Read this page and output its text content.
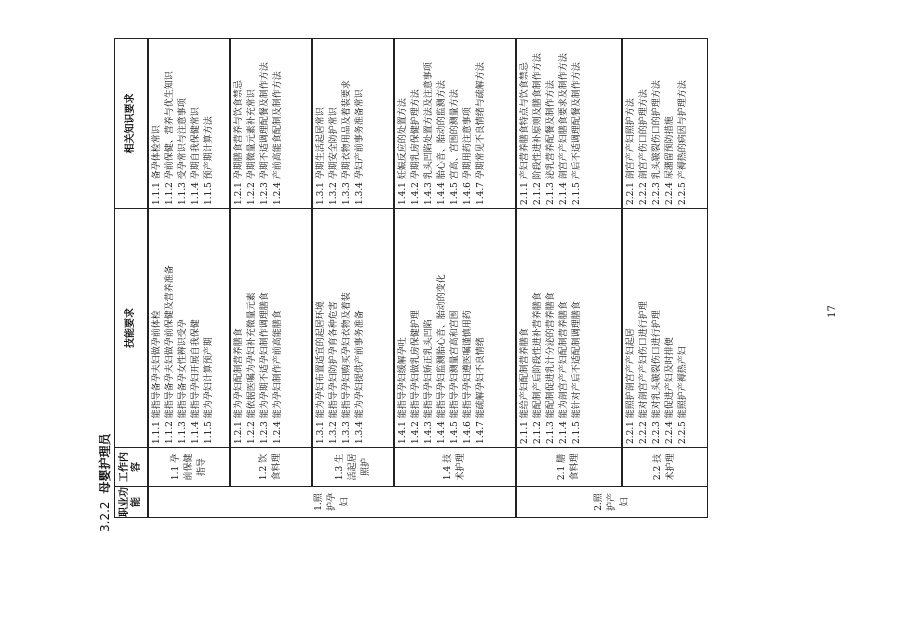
3.2.2母婴护理员
职业功能
工作内容
技能要求
相关知识要求
1.1 孕前保健指导

1.1.1 能指导备孕夫妇做孕前体检 1.1.2 能指导备孕夫妇做孕前保健及营养准备 1.1.3 能指导备孕女性辨识受孕 1.1.4 能指导孕妇开展自我保健 1.1.5 能为孕妇计算预产期

1.1.1 备孕体检常识 1.1.2 孕前保健、营养与优生知识 1.1.3 受孕常识与注意事项 1.1.4 孕期自我保健常识 1.1.5 预产期计算方法

1.2 饮食料理

1.2.1 能为孕妇配制营养膳食 1.2.2 能依据医嘱为孕妇补充微量元素 1.2.3 能为孕期不适孕妇制作调理膳食 1.2.4 能为孕妇制作产前高能膳食

1.2.1 孕期膳食营养与饮食禁忌 1.2.2 孕期微量元素补充常识 1.2.3 孕期不适调理配餐及制作方法 1.2.4 产前高能食配制及制作方法

1.3 生活起居照护

1.3.1 能为孕妇布置适宜的起居环境 1.3.2 能指导孕妇防护孕育各种危害 1.3.3 能指导孕妇购买孕妇衣物及着装 1.3.4 能为孕妇提供产前事务准备

1.3.1 孕期生活起居常识 1.3.2 孕期安全防护常识 1.3.3 孕期衣物用品及着装要求 1.3.4 孕妇产前事务准备常识

1.4 技术护理

1.4.1 能指导孕妇缓解孕吐 1.4.2 能指导孕妇做乳房保健护理 1.4.3 能指导孕妇矫正乳头凹陷 1.4.4 能指导孕妇监测胎心音、胎动的变化 1.4.5 能指导孕妇测量宫高和宫围 1.4.6 能指导孕妇遵医嘱谨慎用药 1.4.7 能疏解孕妇不良情绪

1.4.1 妊娠反应的处置方法 1.4.2 孕期乳房保健护理方法 1.4.3 乳头凹陷处置方法及注意事项 1.4.4 胎心音、胎动的监测方法 1.4.5 宫高、宫围的测量方法 1.4.6 孕期用药注意事项 1.4.7 孕期常见不良情绪与疏解方法

1.照护孕妇
2.1 膳食料理

2.1.1 能给产妇配制营养膳食 2.1.2 能配制产后阶段性进补营养膳食 2.1.3 能配制促进乳汁分泌的营养膳食 2.1.4 能为剖宫产产妇配制营养膳食 2.1.5 能针对产后不适配制调理膳食

2.1.1 产妇营养膳食特点与饮食禁忌 2.1.2 阶段性进补原则及膳食制作方法 2.1.3 泌乳营养配餐及制作方法 2.1.4 剖宫产产妇膳食要求及制作方法 2.1.5 产后不适调理配餐及制作方法

2.2 技术护理

2.2.1 能照护剖宫产产妇起居 2.2.2 能对剖宫产产妇伤口进行护理 2.2.3 能对乳头皲裂伤口进行护理 2.2.4 能促进产妇及时排便 2.2.5 能照护产褥热产妇

2.2.1 剖宫产产妇照护方法 2.2.2 剖宫产伤口的护理方法 2.2.3 乳头皲裂伤口的护理方法 2.2.4 尿潴留预防措施 2.2.5 产褥热的病因与护理方法

2.照护产妇
17
